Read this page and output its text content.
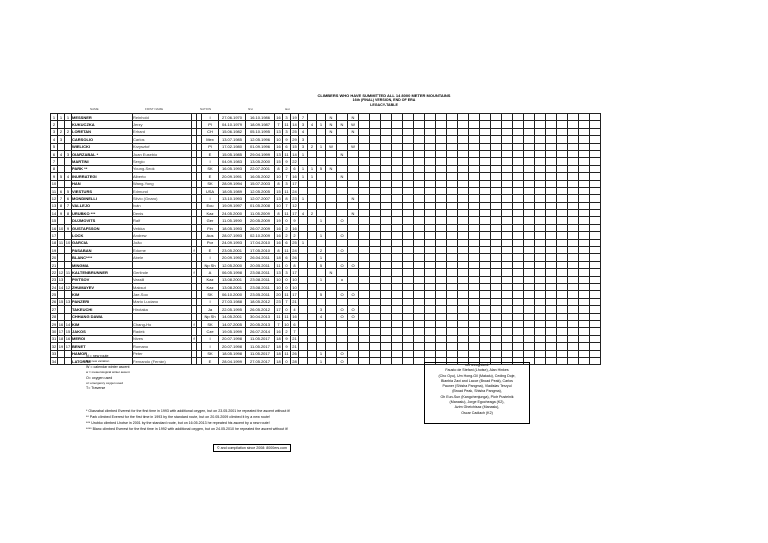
CLIMBERS WHO HAVE SUMMITTED ALL 14 8000 METER MOUNTAINS
16th (FINAL) VERSION, END OF ERA
LEGACY-TABLE
NAME	FIRST NAME	NATION	first	last
1	1	1	MESSNER	Reinhold			I	27.06.1970	16.10.1986	16	3	19	7			N		N																						
2			KUKUCZKA	Jerzy			Pl	04.10.1979	18.09.1987	7	11	14	3	4	1	N	N	W																						
3	2	2	LORETAN	Erhard			CH	15.06.1982	05.10.1995	13	3	25	4			N		N																						
4	3		CARSOLIO	Carlos			Mex	13.07.1985	12.05.1996	10	9	29	3																											
5			WIELICKI	Krzysztof			Pl	17.02.1980	01.09.1996	16	6	15	3	2	1	W		W																						
6	4	3	OIARZABAL *	Juan Eusebio			E	15.05.1985	29.04.1999	13	11	14	1				N																							
7			MARTINI	Sergio			I	04.09.1983	13.05.2000	15	9	22																												
8			PARK **	Young-Seok			SK	16.05.1993	22.07.2001	8	2	6	1	1	5	N																								
9	5	4	INURRATEGI	Alberto			E	20.09.1991	16.05.2002	10	7	16	1	1			N																							
10			HAN	Wang-Yong			SK	28.09.1994	15.07.2003	8	3	17																												
11	6	5	VIESTURS	Edmund			USA	18.05.1989	12.05.2005	15	11	24																												
12	7	6	MONDINELLI	Silvio (Gnaro)			I	13.10.1993	12.07.2007	13	8	23	1					N																						
13	8	7	VALLEJO	Iván			Ecu	19.09.1997	01.05.2008	10	7	12																												
14	9	8	URUBKO ***	Denis			Kaz	24.05.2000	11.05.2009	8	11	17	4	2				N																						
15			DUJMOVITS	Ralf			Ger	11.05.1990	20.05.2009	19	0	9			1		O																							
16	10	9	GUSTAFSSON	Veikka			Fin	18.05.1993	26.07.2009	16	2	16																												
17			LOCK	Andrew			Aus	28.07.1993	02.10.2009	16	2	2			1		O																							
18	11	10	GARCIA	João			Por	24.09.1993	17.04.2010	16	6	25	1																											
19			PASABAN	Edurne	f		E	23.05.2001	17.05.2010	8	11	24			2		O																							
20			BLANC****	Abele			I	20.09.1992	26.04.2011	18	6	26			1																									
21			MINGMA				Np Sh	12.05.2000	20.05.2011	11	0	8			5		O	O																						
22	12	11	KALTENBRUNNER	Gerlinde	f		A	06.05.1998	23.08.2011	13	3	17				N																								
23	13		PIVTSOV	Vassili			Kaz	13.08.2001	23.08.2011	10	0	10			1		o																							
24	14	12	ZHUMAYEV	Maksut			Kaz	13.08.2001	23.08.2011	10	0	10																												
25			KIM	Jae-Soo			SK	06.10.2000	23.05.2011	20	11	17			5		O	O																						
26	15	13	PANZERI	Mario Luciano			I	27.03.1988	18.05.2012	23	7	21																												
27			TAKEUCHI	Hirotaka			Ja	22.05.1995	26.05.2012	17	0	4			3		O	O																						
28			CHHANG DAWA				Np Sh	14.05.2001	30.04.2013	11	11	16			4		O	O																						
29	16	14	KIM	Chang-Ho	f		SK	14.07.2005	20.05.2013	7	10	6																												
30	17	15	JAKOS	Radek			Cze	19.05.1999	26.07.2014	16	2	7																												
31	18	16	MEROI	Nives	f		I	20.07.1998	11.05.2017	18	9	21																												
32	19	17	BENET	Romano			I	20.07.1998	11.05.2017	18	9	21																												
33			HAMOR	Peter			SK	18.05.1998	11.05.2017	18	11	26			1		O																							
34			LATORRE	Fernando (Ferrán)			E	28.04.1999	27.05.2017	18	0	28			1		O																							
N = new route
N = new variation
W = calendar winter ascent
w = meteorological winter ascent
O= oxygen used
o= emergency oxygen used
T= Traverse
* Oiarzabal climbed Everest for the first time in 1993 with additional oxygen, but on 23.05.2001 he repeated the ascent without it!
** Park climbed Everest for the first time in 1993 by the standard route, but on 20.05.2009 climbed it by a new route!
*** Urubko climbed Lhotse in 2001 by the standard route, but on 16.05.2013 he repeated his ascent by a new route!
**** Blanc climbed Everest for the first time in 1992 with additional oxygen, but on 24.05.2010 he repeated the ascent without it!
© and compilation since 2008: 8000ers.com
not recognized:
Fausto de Stefani (Lhotse), Alan Hinkes
(Cho Oyu), Um Hong-Gil (Makalu), Ceding Doje,
Bianbia Zaxi and Lacce (Broad Peak), Carlos
Pauner (Shisha Pangma), Vladislav Terzyul
(Broad Peak, Shisha Pangma),
Oh Eun-Sun (Kangchenjunga), Piotr Pustelnik
(Manaslu), Jorge Egocheaga (K2),
Azim Gheichisaz (Manaslu),
Oscar Cadiach (K2)
